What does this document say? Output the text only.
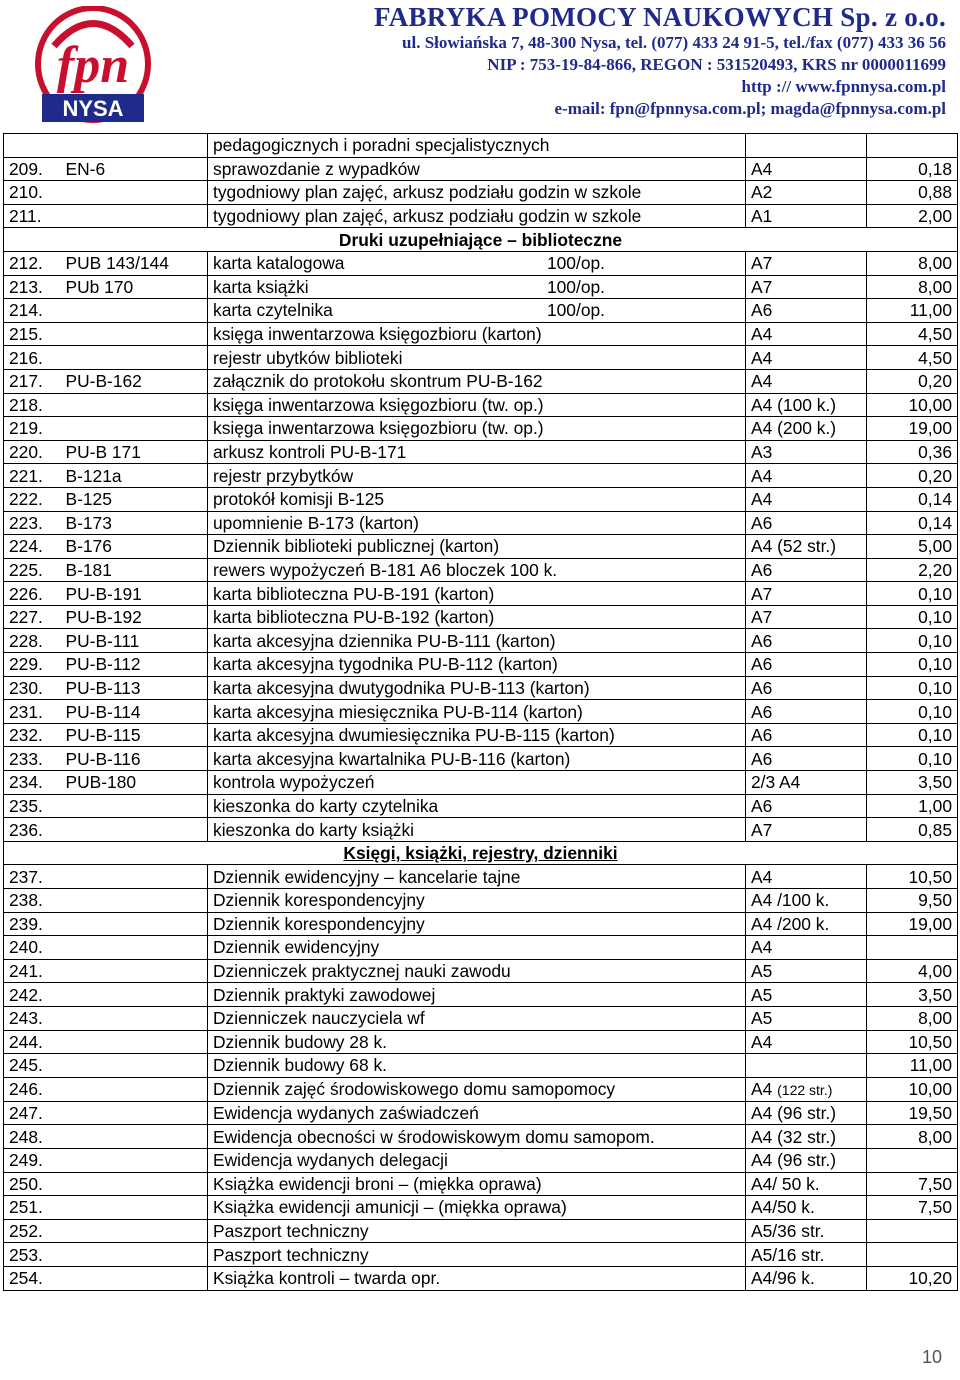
fpn
NYSA
FABRYKA POMOCY NAUKOWYCH Sp. z o.o.
ul. Słowiańska 7, 48-300 Nysa, tel. (077) 433 24 91-5, tel./fax (077) 433 36 56
NIP : 753-19-84-866, REGON : 531520493, KRS nr 0000011699
http :// www.fpnnysa.com.pl
e-mail: fpn@fpnnysa.com.pl; magda@fpnnysa.com.pl

		pedagogicznych i poradni specjalistycznych		

209.	EN-6	sprawozdanie z wypadków	A4	0,18
210.		tygodniowy plan zajęć, arkusz podziału godzin w szkole	A2	0,88
211.		tygodniowy plan zajęć, arkusz podziału godzin w szkole	A1	2,00
Druki uzupełniające – biblioteczne				
212.	PUB 143/144	karta katalogowa 100/op.	A7	8,00
213.	PUb 170	karta książki 100/op.	A7	8,00
214.		karta czytelnika 100/op.	A6	11,00
215.		księga inwentarzowa księgozbioru (karton)	A4	4,50
216.		rejestr ubytków biblioteki	A4	4,50
217.	PU-B-162	załącznik do protokołu skontrum PU-B-162	A4	0,20
218.		księga inwentarzowa księgozbioru (tw. op.)	A4 (100 k.)	10,00
219.		księga inwentarzowa księgozbioru (tw. op.)	A4 (200 k.)	19,00
220.	PU-B 171	arkusz kontroli PU-B-171	A3	0,36
221.	B-121a	rejestr przybytków	A4	0,20
222.	B-125	protokół komisji B-125	A4	0,14
223.	B-173	upomnienie B-173 (karton)	A6	0,14
224.	B-176	Dziennik biblioteki publicznej (karton)	A4 (52 str.)	5,00
225.	B-181	rewers wypożyczeń B-181 A6 bloczek 100 k.	A6	2,20
226.	PU-B-191	karta biblioteczna PU-B-191 (karton)	A7	0,10
227.	PU-B-192	karta biblioteczna PU-B-192 (karton)	A7	0,10
228.	PU-B-111	karta akcesyjna dziennika PU-B-111 (karton)	A6	0,10
229.	PU-B-112	karta akcesyjna tygodnika PU-B-112 (karton)	A6	0,10
230.	PU-B-113	karta akcesyjna dwutygodnika PU-B-113 (karton)	A6	0,10
231.	PU-B-114	karta akcesyjna miesięcznika PU-B-114 (karton)	A6	0,10
232.	PU-B-115	karta akcesyjna dwumiesięcznika PU-B-115 (karton)	A6	0,10
233.	PU-B-116	karta akcesyjna kwartalnika PU-B-116 (karton)	A6	0,10
234.	PUB-180	kontrola wypożyczeń	2/3 A4	3,50
235.		kieszonka do karty czytelnika	A6	1,00
236.		kieszonka do karty książki	A7	0,85
Księgi, książki, rejestry, dzienniki				
237.		Dziennik ewidencyjny – kancelarie tajne	A4	10,50
238.		Dziennik korespondencyjny	A4 /100 k.	9,50
239.		Dziennik korespondencyjny	A4 /200 k.	19,00
240.		Dziennik ewidencyjny	A4	
241.		Dzienniczek praktycznej nauki zawodu	A5	4,00
242.		Dziennik praktyki zawodowej	A5	3,50
243.		Dzienniczek nauczyciela wf	A5	8,00
244.		Dziennik budowy 28 k.	A4	10,50
245.		Dziennik budowy 68 k.		11,00
246.		Dziennik zajęć środowiskowego domu samopomocy	A4 (122 str.)	10,00
247.		Ewidencja wydanych zaświadczeń	A4 (96 str.)	19,50
248.		Ewidencja obecności w środowiskowym domu samopom.	A4 (32 str.)	8,00
249.		Ewidencja wydanych delegacji	A4 (96 str.)	
250.		Książka ewidencji broni – (miękka oprawa)	A4/ 50 k.	7,50
251.		Książka ewidencji amunicji – (miękka oprawa)	A4/50 k.	7,50
252.		Paszport techniczny	A5/36 str.	
253.		Paszport techniczny	A5/16 str.	
254.		Książka kontroli – twarda opr.	A4/96 k.	10,20
10
